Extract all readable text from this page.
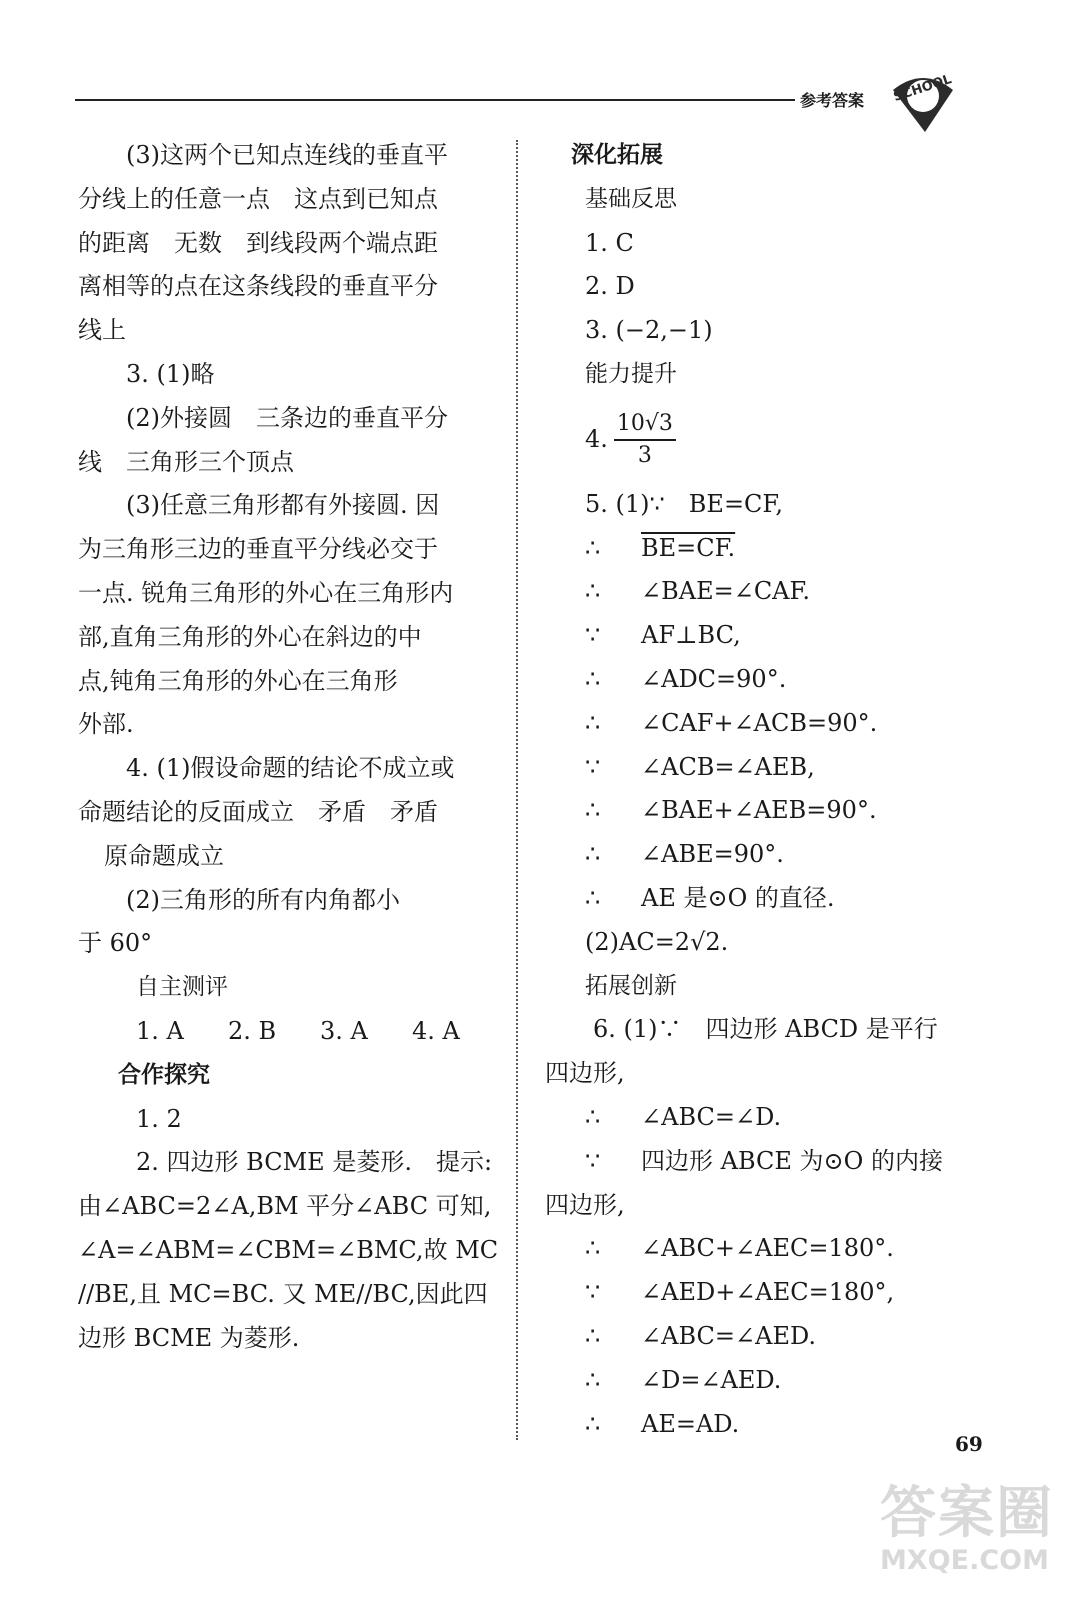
参考答案 SCHOOL
(3)这两个已知点连线的垂直平
分线上的任意一点　这点到已知点
的距离　无数　到线段两个端点距
离相等的点在这条线段的垂直平分
线上
3. (1)略
(2)外接圆　三条边的垂直平分
线　三角形三个顶点
(3)任意三角形都有外接圆. 因
为三角形三边的垂直平分线必交于
一点. 锐角三角形的外心在三角形内
部,直角三角形的外心在斜边的中
点,钝角三角形的外心在三角形
外部.
4. (1)假设命题的结论不成立或
命题结论的反面成立　矛盾　矛盾
原命题成立
(2)三角形的所有内角都小
于 60°
自主测评
1. A 2. B 3. A 4. A
合作探究
1. 2
2. 四边形 BCME 是菱形.　提示:
由∠ABC=2∠A,BM 平分∠ABC 可知,
∠A=∠ABM=∠CBM=∠BMC,故 MC
//BE,且 MC=BC. 又 ME//BC,因此四
边形 BCME 为菱形.
深化拓展
基础反思
1. C
2. D
3. (−2,−1)
能力提升
4. $\frac{10√3}{3}$
5. (1)∵　BE=CF,
∴ BE=CF.
∴ ∠BAE=∠CAF.
∵ AF⊥BC,
∴ ∠ADC=90°.
∴ ∠CAF+∠ACB=90°.
∵ ∠ACB=∠AEB,
∴ ∠BAE+∠AEB=90°.
∴ ∠ABE=90°.
∴ AE 是⊙O 的直径.
(2)AC=2√2.
拓展创新
6. (1)∵　四边形 ABCD 是平行
四边形,
∴ ∠ABC=∠D.
∵ 四边形 ABCE 为⊙O 的内接
四边形,
∴ ∠ABC+∠AEC=180°.
∵ ∠AED+∠AEC=180°,
∴ ∠ABC=∠AED.
∴ ∠D=∠AED.
∴ AE=AD.
69
答案圈
MXQE.COM
